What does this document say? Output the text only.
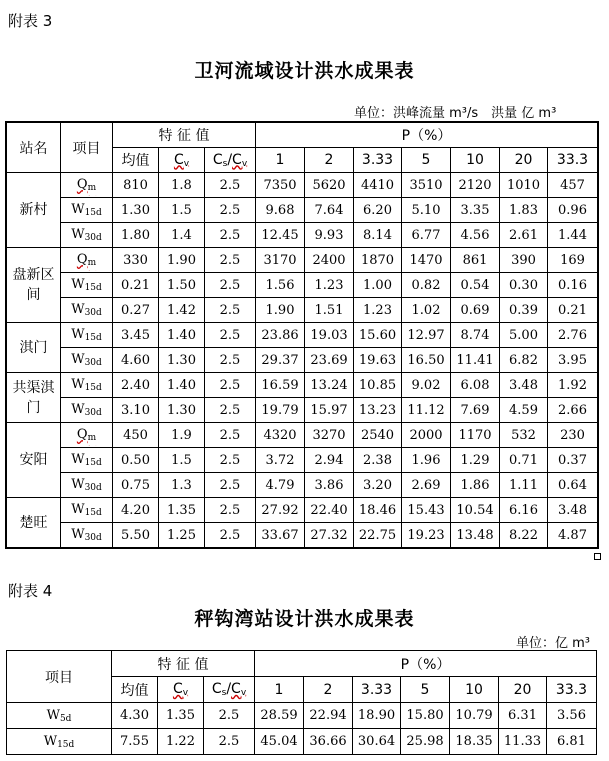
附表 3
卫河流域设计洪水成果表
单位：洪峰流量 m³/s　洪量 亿 m³
站名	项目	特 征 值			P（%）						
		均值	$C_v$	$C_s/C_v$	1	2	3.33	5	10	20	33.3
新村	$Q_m$	810	1.8	2.5	7350	5620	4410	3510	2120	1010	457
	$W_{15d}$	1.30	1.5	2.5	9.68	7.64	6.20	5.10	3.35	1.83	0.96
	$W_{30d}$	1.80	1.4	2.5	12.45	9.93	8.14	6.77	4.56	2.61	1.44
盘新区间	$Q_m$	330	1.90	2.5	3170	2400	1870	1470	861	390	169
	$W_{15d}$	0.21	1.50	2.5	1.56	1.23	1.00	0.82	0.54	0.30	0.16
	$W_{30d}$	0.27	1.42	2.5	1.90	1.51	1.23	1.02	0.69	0.39	0.21
淇门	$W_{15d}$	3.45	1.40	2.5	23.86	19.03	15.60	12.97	8.74	5.00	2.76
	$W_{30d}$	4.60	1.30	2.5	29.37	23.69	19.63	16.50	11.41	6.82	3.95
共渠淇门	$W_{15d}$	2.40	1.40	2.5	16.59	13.24	10.85	9.02	6.08	3.48	1.92
	$W_{30d}$	3.10	1.30	2.5	19.79	15.97	13.23	11.12	7.69	4.59	2.66
安阳	$Q_m$	450	1.9	2.5	4320	3270	2540	2000	1170	532	230
	$W_{15d}$	0.50	1.5	2.5	3.72	2.94	2.38	1.96	1.29	0.71	0.37
	$W_{30d}$	0.75	1.3	2.5	4.79	3.86	3.20	2.69	1.86	1.11	0.64
楚旺	$W_{15d}$	4.20	1.35	2.5	27.92	22.40	18.46	15.43	10.54	6.16	3.48
	$W_{30d}$	5.50	1.25	2.5	33.67	27.32	22.75	19.23	13.48	8.22	4.87
附表 4
秤钩湾站设计洪水成果表
单位：亿 m³
项目	特 征 值			P（%）						
	均值	$C_v$	$C_s/C_v$	1	2	3.33	5	10	20	33.3
$W_{5d}$	4.30	1.35	2.5	28.59	22.94	18.90	15.80	10.79	6.31	3.56
$W_{15d}$	7.55	1.22	2.5	45.04	36.66	30.64	25.98	18.35	11.33	6.81
